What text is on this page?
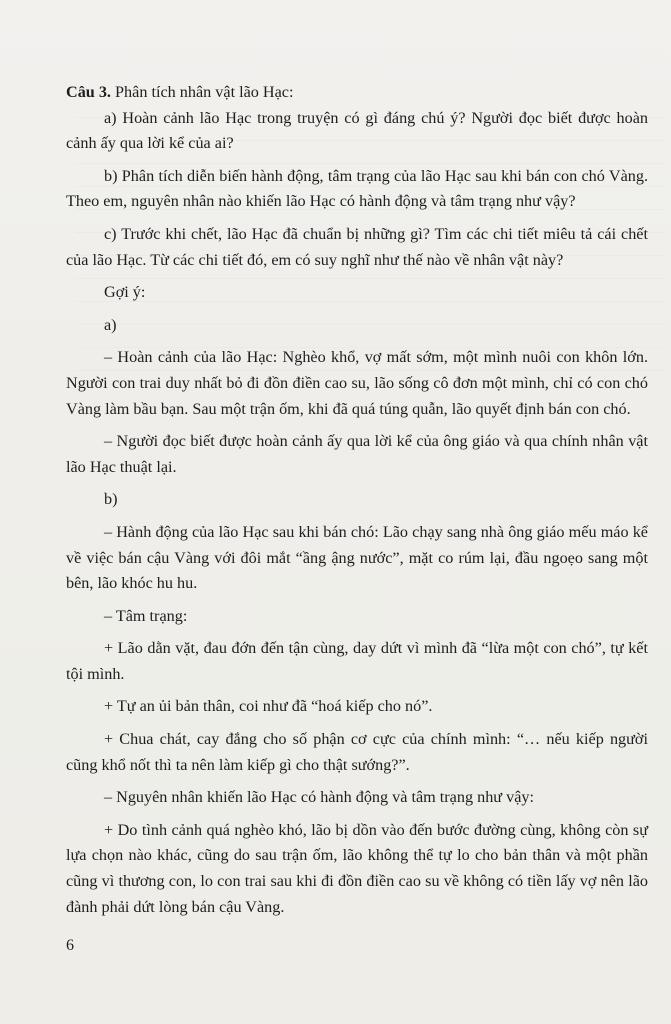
Câu 3. Phân tích nhân vật lão Hạc:

a) Hoàn cảnh lão Hạc trong truyện có gì đáng chú ý? Người đọc biết được hoàn cảnh ấy qua lời kể của ai?

b) Phân tích diễn biến hành động, tâm trạng của lão Hạc sau khi bán con chó Vàng. Theo em, nguyên nhân nào khiến lão Hạc có hành động và tâm trạng như vậy?

c) Trước khi chết, lão Hạc đã chuẩn bị những gì? Tìm các chi tiết miêu tả cái chết của lão Hạc. Từ các chi tiết đó, em có suy nghĩ như thế nào về nhân vật này?

Gợi ý:

a)

– Hoàn cảnh của lão Hạc: Nghèo khổ, vợ mất sớm, một mình nuôi con khôn lớn. Người con trai duy nhất bỏ đi đồn điền cao su, lão sống cô đơn một mình, chỉ có con chó Vàng làm bầu bạn. Sau một trận ốm, khi đã quá túng quẫn, lão quyết định bán con chó.

– Người đọc biết được hoàn cảnh ấy qua lời kể của ông giáo và qua chính nhân vật lão Hạc thuật lại.

b)

– Hành động của lão Hạc sau khi bán chó: Lão chạy sang nhà ông giáo mếu máo kể về việc bán cậu Vàng với đôi mắt “ầng ậng nước”, mặt co rúm lại, đầu ngoẹo sang một bên, lão khóc hu hu.

– Tâm trạng:

+ Lão dằn vặt, đau đớn đến tận cùng, day dứt vì mình đã “lừa một con chó”, tự kết tội mình.

+ Tự an ủi bản thân, coi như đã “hoá kiếp cho nó”.

+ Chua chát, cay đắng cho số phận cơ cực của chính mình: “… nếu kiếp người cũng khổ nốt thì ta nên làm kiếp gì cho thật sướng?”.

– Nguyên nhân khiến lão Hạc có hành động và tâm trạng như vậy:

+ Do tình cảnh quá nghèo khó, lão bị dồn vào đến bước đường cùng, không còn sự lựa chọn nào khác, cũng do sau trận ốm, lão không thể tự lo cho bản thân và một phần cũng vì thương con, lo con trai sau khi đi đồn điền cao su về không có tiền lấy vợ nên lão đành phải dứt lòng bán cậu Vàng.

6
